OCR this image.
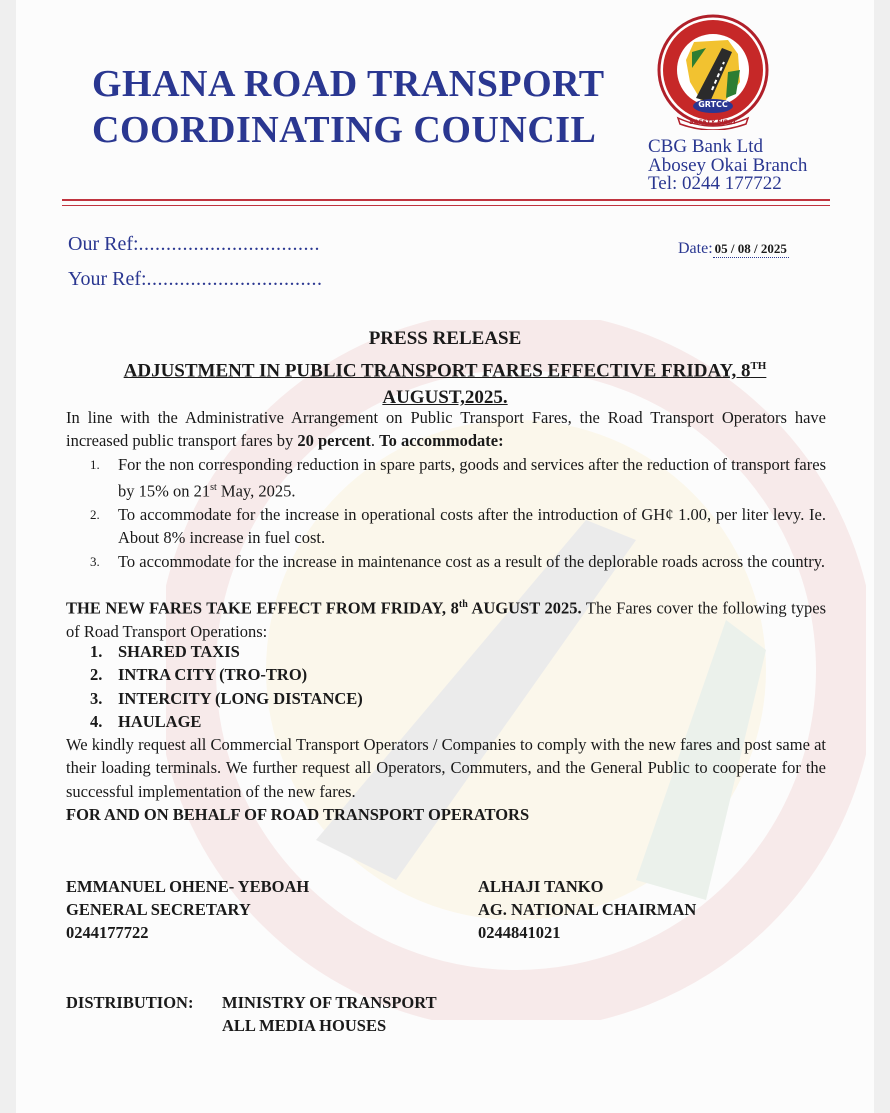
GHANA ROAD TRANSPORT
COORDINATING COUNCIL
GRTCC
SAFETY FIRST
CBG Bank Ltd
Abosey Okai Branch
Tel: 0244 177722
Our Ref:.................................
Your Ref:................................
Date: 05 / 08 / 2025
PRESS RELEASE
ADJUSTMENT IN PUBLIC TRANSPORT FARES EFFECTIVE FRIDAY, 8TH
AUGUST,2025.
In line with the Administrative Arrangement on Public Transport Fares, the Road Transport Operators have increased public transport fares by 20 percent. To accommodate:
1. For the non corresponding reduction in spare parts, goods and services after the reduction of transport fares by 15% on 21st May, 2025.
2. To accommodate for the increase in operational costs after the introduction of GH¢ 1.00, per liter levy. Ie. About 8% increase in fuel cost.
3. To accommodate for the increase in maintenance cost as a result of the deplorable roads across the country.
THE NEW FARES TAKE EFFECT FROM FRIDAY, 8th AUGUST 2025. The Fares cover the following types of Road Transport Operations:
1. SHARED TAXIS
2. INTRA CITY (TRO-TRO)
3. INTERCITY (LONG DISTANCE)
4. HAULAGE
We kindly request all Commercial Transport Operators / Companies to comply with the new fares and post same at their loading terminals. We further request all Operators, Commuters, and the General Public to cooperate for the successful implementation of the new fares.
FOR AND ON BEHALF OF ROAD TRANSPORT OPERATORS
EMMANUEL OHENE- YEBOAH
GENERAL SECRETARY
0244177722
ALHAJI TANKO
AG. NATIONAL CHAIRMAN
0244841021
DISTRIBUTION: MINISTRY OF TRANSPORT
ALL MEDIA HOUSES
